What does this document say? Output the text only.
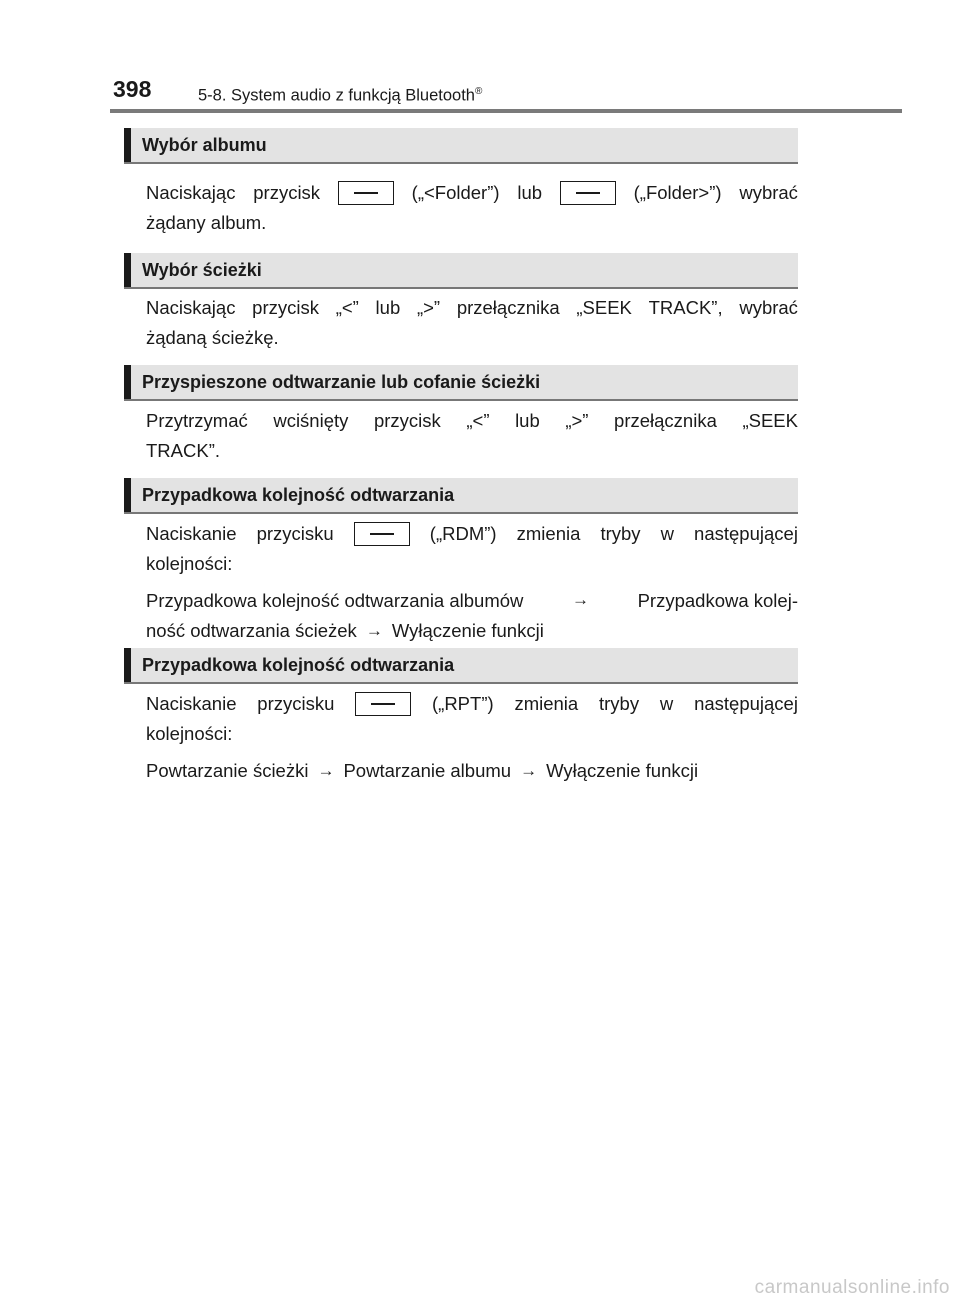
398	5-8. System audio z funkcją Bluetooth®
Wybór albumu
Naciskając przycisk	(„<Folder”) lub	(„Folder>”) wybrać
żądany album.
Wybór ścieżki
Naciskając przycisk „<” lub „>” przełącznika „SEEK TRACK”, wybrać
żądaną ścieżkę.
Przyspieszone odtwarzanie lub cofanie ścieżki
Przytrzymać wciśnięty przycisk „<” lub „>” przełącznika „SEEK
TRACK”.
Przypadkowa kolejność odtwarzania
Naciskanie przycisku	(„RDM”) zmienia tryby w następującej
kolejności:
Przypadkowa kolejność odtwarzania albumów	→	Przypadkowa kolej-
ność odtwarzania ścieżek → Wyłączenie funkcji
Przypadkowa kolejność odtwarzania
Naciskanie przycisku	(„RPT”) zmienia tryby w następującej
kolejności:
Powtarzanie ścieżki → Powtarzanie albumu → Wyłączenie funkcji
carmanualsonline.info
